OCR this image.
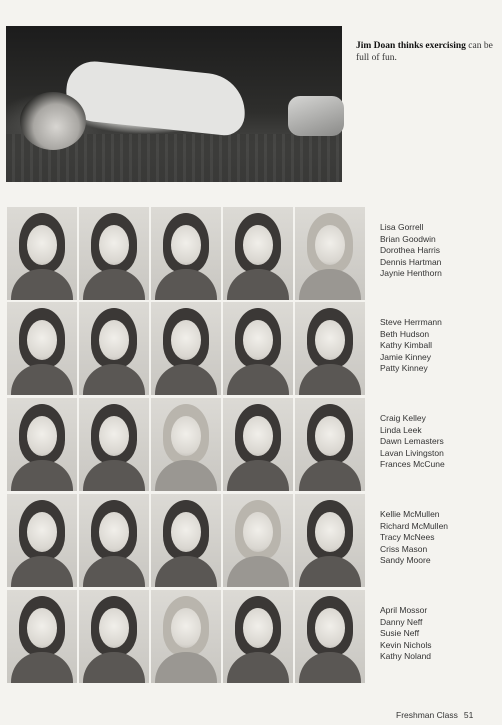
Jim Doan thinks exercising can be full of fun.
Lisa Gorrell
Brian Goodwin
Dorothea Harris
Dennis Hartman
Jaynie Henthorn
Steve Herrmann
Beth Hudson
Kathy Kimball
Jamie Kinney
Patty Kinney
Craig Kelley
Linda Leek
Dawn Lemasters
Lavan Livingston
Frances McCune
Kellie McMullen
Richard McMullen
Tracy McNees
Criss Mason
Sandy Moore
April Mossor
Danny Neff
Susie Neff
Kevin Nichols
Kathy Noland
Freshman Class 51
